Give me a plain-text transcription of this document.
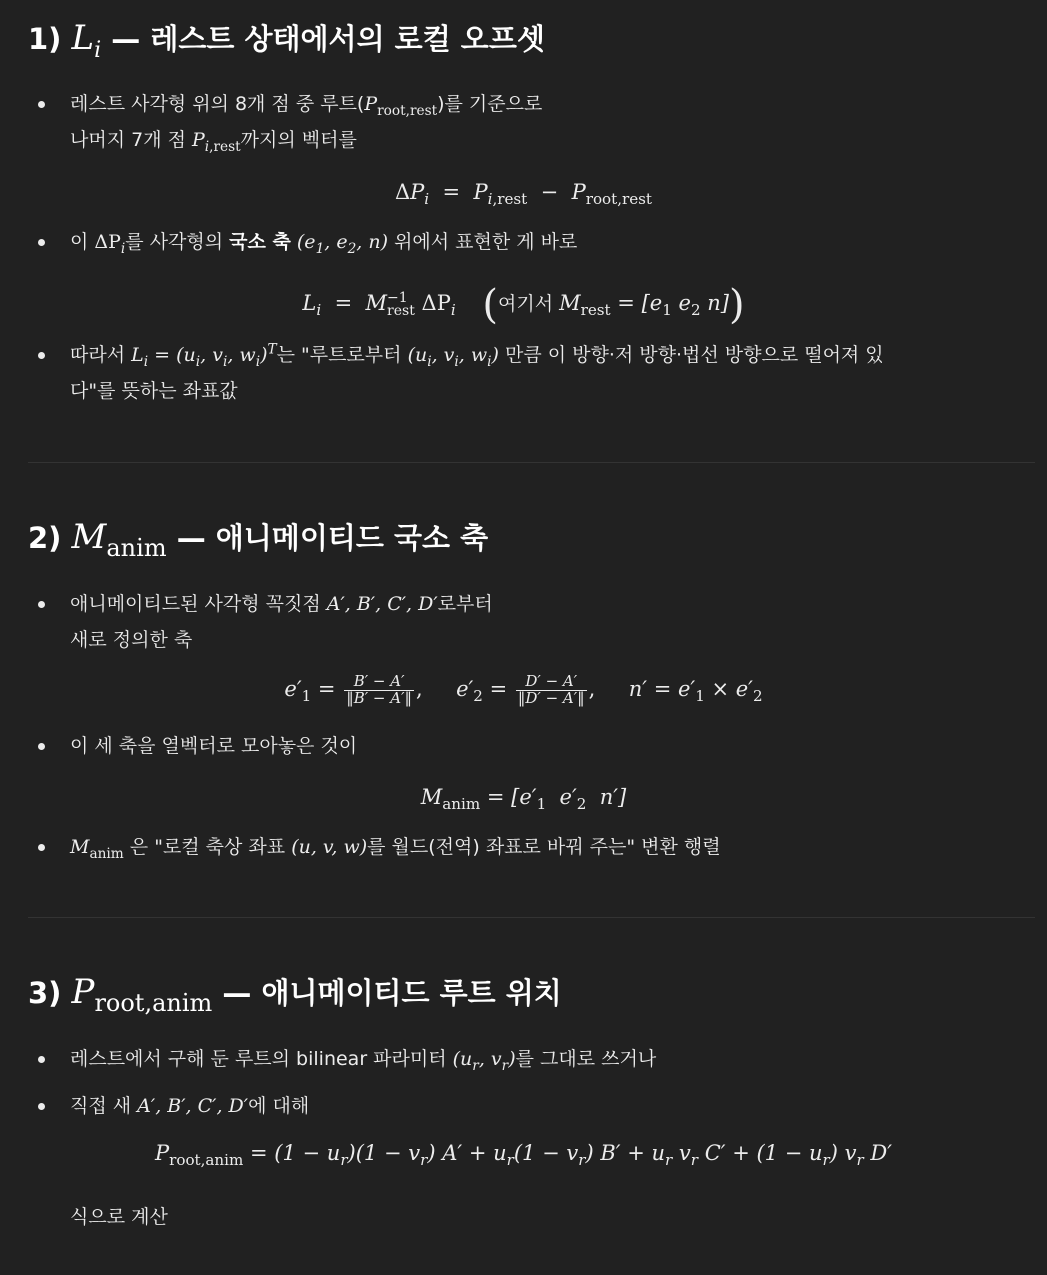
1) $L_i$ — 레스트 상태에서의 로컬 오프셋
레스트 사각형 위의 8개 점 중 루트$(P_{root,rest})$를 기준으로
나머지 7개 점 $P_{i,rest}$까지의 벡터를
$\Delta P_i = P_{i,rest} - P_{root,rest}$
이 $\Delta P_i$를 사각형의 국소 축 ($e_1$, $e_2$, n) 위에서 표현한 게 바로
$L_i = M -1$
rest $\Delta P_i$ (여기서 $M_{rest} = [e_1$ $e_2$ n])
따라서 $L_i = (u_i$, $v_i$, $w_i)^T$는 "루트로부터 ($u_i$, $v_i$, $w_i$) 만큼 이 방향·저 방향·법선 방향으로 떨어져 있
다"를 뜻하는 좌표값
2) $M_{anim}$ — 애니메이티드 국소 축
애니메이티드된 사각형 꼭짓점 A′, B′, C′, D′로부터
새로 정의한 축
$e'_1 = \frac{B' - A'}{‖B' - A'‖}$ , $e'_2 = \frac{D' - A'}{‖D' - A'‖}$ , $n' = e'_1 \times e'_2$
이 세 축을 열벡터로 모아놓은 것이
$M_{anim} = [e'_1$  $e'_2$  n′]
$M_{anim}$ 은 "로컬 축상 좌표 (u, v, w)를 월드(전역) 좌표로 바꿔 주는" 변환 행렬
3) $P_{root,anim}$ — 애니메이티드 루트 위치
레스트에서 구해 둔 루트의 bilinear 파라미터 ($u_r$, $v_r$)를 그대로 쓰거나
직접 새 A′, B′, C′, D′에 대해
$P_{root,anim} = (1 - u_r)(1 - v_r) A' + u_r(1 - v_r) B' + u_r$ $v_r$ $C' + (1 - u_r)$ $v_r$ D′
식으로 계산
